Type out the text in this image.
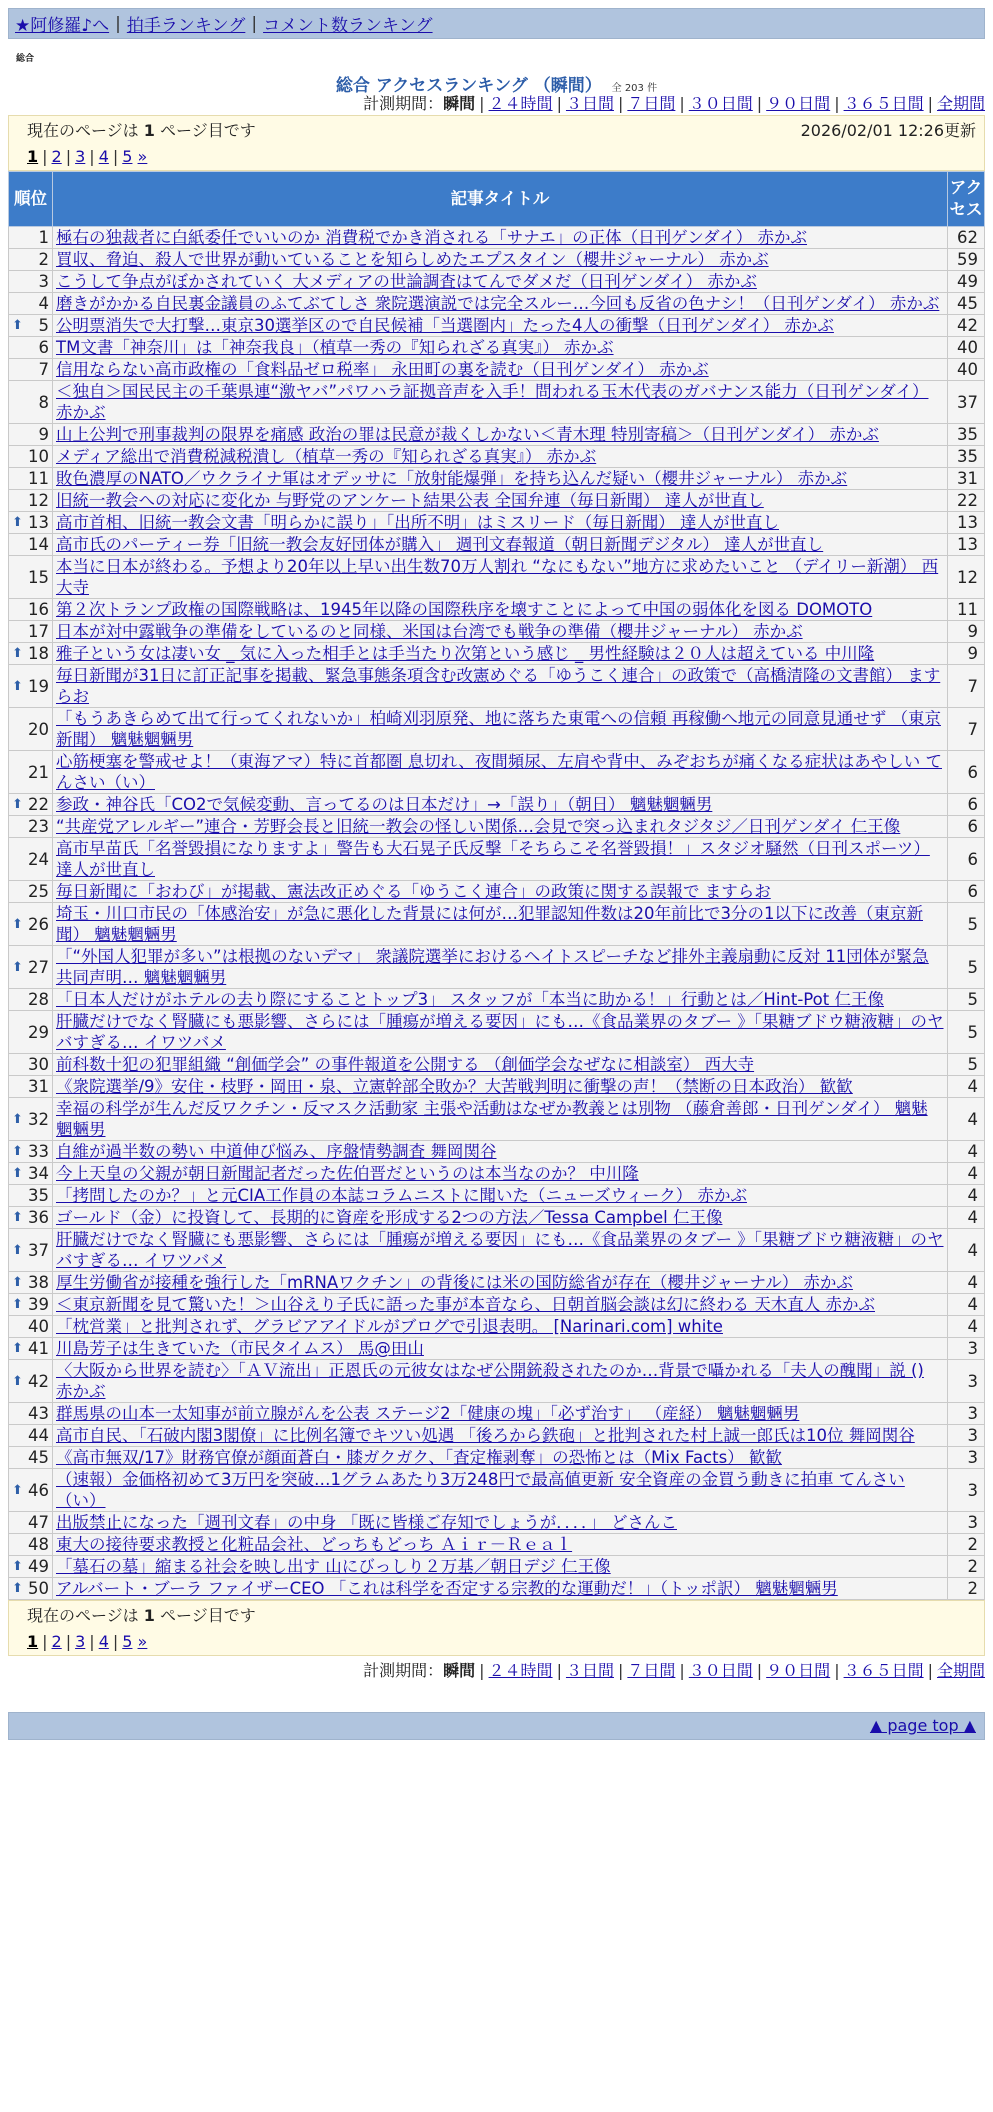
★阿修羅♪へ | 拍手ランキング | コメント数ランキング
総合
総合 アクセスランキング （瞬間） 全 203 件
計測期間：瞬間 | ２４時間 | ３日間 | ７日間 | ３０日間 | ９０日間 | ３６５日間 | 全期間
現在のページは 1 ページ目です	2026/02/01 12:26更新
1 | 2 | 3 | 4 | 5 »
順位	記事タイトル	アクセス
1	極右の独裁者に白紙委任でいいのか 消費税でかき消される「サナエ」の正体（日刊ゲンダイ） 赤かぶ	62
2	買収、脅迫、殺人で世界が動いていることを知らしめたエプスタイン（櫻井ジャーナル） 赤かぶ	59
3	こうして争点がぼかされていく 大メディアの世論調査はてんでダメだ（日刊ゲンダイ） 赤かぶ	49
4	磨きがかかる自民裏金議員のふてぶてしさ 衆院選演説では完全スルー…今回も反省の色ナシ！（日刊ゲンダイ） 赤かぶ	45

⬆ 5	公明票消失で大打撃…東京30選挙区ので自民候補「当選圏内」たった4人の衝撃（日刊ゲンダイ） 赤かぶ	42
6	TM文書「神奈川」は「神奈我良」（植草一秀の『知られざる真実』） 赤かぶ	40
7	信用ならない高市政権の「食料品ゼロ税率」 永田町の裏を読む（日刊ゲンダイ） 赤かぶ	40
8	＜独自＞国民民主の千葉県連“激ヤバ”パワハラ証拠音声を入手！問われる玉木代表のガバナンス能力（日刊ゲンダイ） 赤かぶ	37
9	山上公判で刑事裁判の限界を痛感 政治の罪は民意が裁くしかない＜青木理 特別寄稿＞（日刊ゲンダイ） 赤かぶ	35
10	メディア総出で消費税減税潰し（植草一秀の『知られざる真実』） 赤かぶ	35
11	敗色濃厚のNATO／ウクライナ軍はオデッサに「放射能爆弾」を持ち込んだ疑い（櫻井ジャーナル） 赤かぶ	31
12	旧統一教会への対応に変化か 与野党のアンケート結果公表 全国弁連（毎日新聞） 達人が世直し	22

⬆ 13	高市首相、旧統一教会文書「明らかに誤り」「出所不明」はミスリード（毎日新聞） 達人が世直し	13
14	高市氏のパーティー券「旧統一教会友好団体が購入」 週刊文春報道（朝日新聞デジタル） 達人が世直し	13
15	本当に日本が終わる。予想より20年以上早い出生数70万人割れ “なにもない”地方に求めたいこと （デイリー新潮） 西大寺	12
16	第２次トランプ政権の国際戦略は、1945年以降の国際秩序を壊すことによって中国の弱体化を図る DOMOTO	11
17	日本が対中露戦争の準備をしているのと同様、米国は台湾でも戦争の準備（櫻井ジャーナル） 赤かぶ	9

⬆ 18	雅子という女は凄い女 _ 気に入った相手とは手当たり次第という感じ _ 男性経験は２０人は超えている 中川隆	9

⬆ 19	毎日新聞が31日に訂正記事を掲載、緊急事態条項含む改憲めぐる「ゆうこく連合」の政策で（高橋清隆の文書館） ますらお	7
20	「もうあきらめて出て行ってくれないか」柏崎刈羽原発、地に落ちた東電への信頼 再稼働へ地元の同意見通せず （東京新聞） 魑魅魍魎男	7
21	心筋梗塞を警戒せよ！（東海アマ）特に首都圏 息切れ、夜間頻尿、左肩や背中、みぞおちが痛くなる症状はあやしい てんさい（い）	6

⬆ 22	参政・神谷氏「CO2で気候変動、言ってるのは日本だけ」→「誤り」（朝日） 魑魅魍魎男	6
23	“共産党アレルギー”連合・芳野会長と旧統一教会の怪しい関係…会見で突っ込まれタジタジ／日刊ゲンダイ 仁王像	6
24	高市早苗氏「名誉毀損になりますよ」警告も大石晃子氏反撃「そちらこそ名誉毀損！」スタジオ騒然（日刊スポーツ） 達人が世直し	6
25	毎日新聞に「おわび」が掲載、憲法改正めぐる「ゆうこく連合」の政策に関する誤報で ますらお	6

⬆ 26	埼玉・川口市民の「体感治安」が急に悪化した背景には何が…犯罪認知件数は20年前比で3分の1以下に改善（東京新聞） 魑魅魍魎男	5

⬆ 27	「“外国人犯罪が多い”は根拠のないデマ」 衆議院選挙におけるヘイトスピーチなど排外主義扇動に反対 11団体が緊急共同声明… 魑魅魍魎男	5
28	「日本人だけがホテルの去り際にすることトップ3」 スタッフが「本当に助かる！」行動とは／Hint-Pot 仁王像	5
29	肝臓だけでなく腎臓にも悪影響、さらには「腫瘍が増える要因」にも…《食品業界のタブー 》「果糖ブドウ糖液糖」のヤバすぎる… イワツバメ	5
30	前科数十犯の犯罪組織 “創価学会” の事件報道を公開する （創価学会なぜなに相談室） 西大寺	5
31	《衆院選挙/9》安住・枝野・岡田・泉、立憲幹部全敗か？大苦戦判明に衝撃の声！（禁断の日本政治） 歓歓	4

⬆ 32	幸福の科学が生んだ反ワクチン・反マスク活動家 主張や活動はなぜか教義とは別物 （藤倉善郎・日刊ゲンダイ） 魑魅魍魎男	4

⬆ 33	自維が過半数の勢い 中道伸び悩み、序盤情勢調査 舞岡関谷	4

⬆ 34	今上天皇の父親が朝日新聞記者だった佐伯晋だというのは本当なのか？ 中川隆	4
35	「拷問したのか？」と元CIA工作員の本誌コラムニストに聞いた（ニューズウィーク） 赤かぶ	4

⬆ 36	ゴールド（金）に投資して、長期的に資産を形成する2つの方法／Tessa Campbel 仁王像	4

⬆ 37	肝臓だけでなく腎臓にも悪影響、さらには「腫瘍が増える要因」にも…《食品業界のタブー 》「果糖ブドウ糖液糖」のヤバすぎる… イワツバメ	4

⬆ 38	厚生労働省が接種を強行した「mRNAワクチン」の背後には米の国防総省が存在（櫻井ジャーナル） 赤かぶ	4

⬆ 39	＜東京新聞を見て驚いた！＞山谷えり子氏に語った事が本音なら、日朝首脳会談は幻に終わる 天木直人 赤かぶ	4
40	「枕営業」と批判されず、グラビアアイドルがブログで引退表明。 [Narinari.com] white	4

⬆ 41	川島芳子は生きていた（市民タイムス） 馬@田山	3

⬆ 42	〈大阪から世界を読む〉「ＡＶ流出」正恩氏の元彼女はなぜ公開銃殺されたのか…背景で囁かれる「夫人の醜聞」説 () 赤かぶ	3
43	群馬県の山本一太知事が前立腺がんを公表 ステージ2「健康の塊」「必ず治す」 （産経） 魑魅魍魎男	3
44	高市自民、「石破内閣3閣僚」に比例名簿でキツい処遇 「後ろから鉄砲」と批判された村上誠一郎氏は10位 舞岡関谷	3
45	《高市無双/17》財務官僚が顔面蒼白・膝ガクガク、「査定権剥奪」の恐怖とは（Mix Facts） 歓歓	3

⬆ 46	（速報）金価格初めて3万円を突破…1グラムあたり3万248円で最高値更新 安全資産の金買う動きに拍車 てんさい（い）	3
47	出版禁止になった「週刊文春」の中身 「既に皆様ご存知でしょうが．．．．」 どさんこ	3
48	東大の接待要求教授と化粧品会社、どっちもどっち Ａｉｒ－Ｒｅａｌ	2

⬆ 49	「墓石の墓」縮まる社会を映し出す 山にびっしり２万基／朝日デジ 仁王像	2

⬆ 50	アルバート・ブーラ ファイザーCEO 「これは科学を否定する宗教的な運動だ！」（トッポ訳） 魑魅魍魎男	2
現在のページは 1 ページ目です
1 | 2 | 3 | 4 | 5 »
計測期間：瞬間 | ２４時間 | ３日間 | ７日間 | ３０日間 | ９０日間 | ３６５日間 | 全期間
▲ page top ▲
